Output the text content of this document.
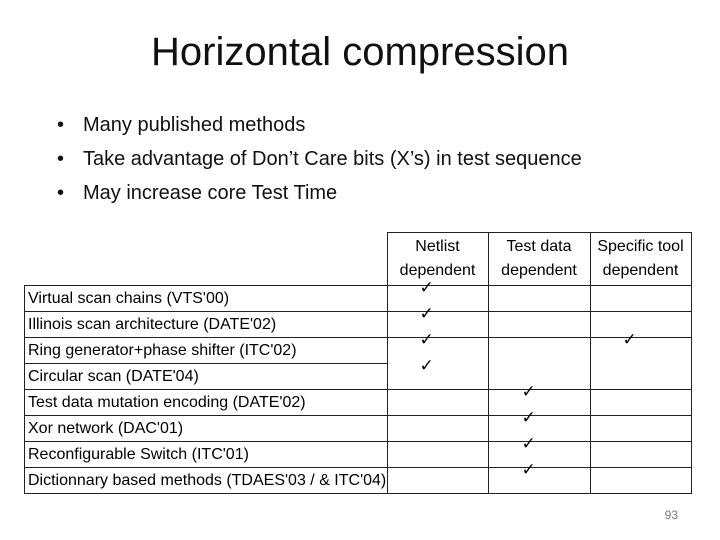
Horizontal compression
• Many published methods
• Take advantage of Don’t Care bits (X’s) in test sequence
• May increase core Test Time
	Netlist dependent	Test data dependent	Specific tool dependent
Virtual scan chains (VTS'00)	✓		

Illinois scan architecture (DATE'02)	✓		

Ring generator+phase shifter (ITC'02)	✓		✓

Circular scan (DATE'04)	✓		

Test data mutation encoding (DATE'02)		✓	

Xor network (DAC'01)		✓	

Reconfigurable Switch (ITC'01)		✓	

Dictionnary based methods (TDAES'03 / & ITC'04)		✓	

93
